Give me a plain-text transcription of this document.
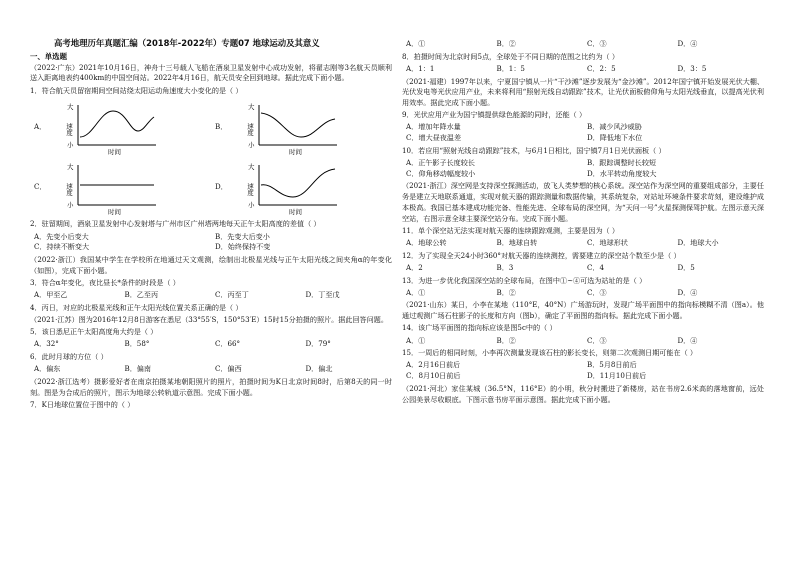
高考地理历年真题汇编（2018年-2022年）专题07 地球运动及其意义
一、单选题

（2022·广东）2021年10月16日，神舟十三号载人飞船在酒泉卫星发射中心成功发射，将翟志刚等3名航天员顺利送入距离地表约400km的中国空间站。2022年4月16日，航天员安全回到地球。据此完成下面小题。

1．符合航天员留宿期间空间站绕太阳运动角速度大小变化的是（ ）

A．
大
小
速度
时间
B．
大
小
速度
时间
C．
大
小
速度
时间
D．
大
小
速度
时间

2．驻留期间，酒泉卫星发射中心发射塔与广州市区广州塔两地每天正午太阳高度的差值（ ）

A．先变小后变大	B．先变大后变小
C．持续不断变大	D．始终保持不变

（2022·浙江）我国某中学生在学校所在地通过天文观测，绘制出北极星光线与正午太阳光线之间夹角α的年变化（如图），完成下面小题。

3．符合α年变化，夜比昼长*条件的时段是（ ）

A．甲至乙	B．乙至丙	C．丙至丁	D．丁至戊

4．丙日，对应的北极星光线和正午太阳光线位置关系正确的是（ ）

（2021·江苏）图为2016年12月8日游客在悉尼（33°55′S，150°53′E）15时15分拍摄的照片。据此回答问题。

5．该日悉尼正午太阳高度角大约是（ ）

A．32°	B．58°	C．66°	D．79°

6．此时月球的方位（ ）

A．偏东	B．偏南	C．偏西	D．偏北

（2022·浙江选考）摄影爱好者在南京拍摄某地朝阳照片的照片，拍摄时间为K日北京时间8时，后第8天的同一时刻。图是为合成后的照片，图示为地球公转轨道示意图。完成下面小题。

7．K日地球位置位于图中的（ ）

A．①	B．②	C．③	D．④

8．拍摄时间为北京时间5点，全球处于不同日期的范围之比约为（ ）

A．1：1	B．1：5	C．2：5	D．3：5

（2021·福建）1997年以来，宁夏国宁镇从一片“干沙滩”逐步发展为“金沙滩”。2012年国宁镇开始发展光伏大棚、光伏发电等光伏应用产业，未来将利用“照射光线自动跟踪”技术，让光伏面板俯仰角与太阳光线垂直，以提高光伏利用效率。据此完成下面小题。

9．光伏应用产业为国宁镇提供绿色能源的同时，还能（ ）

A．增加年降水量	B．减少风沙威胁
C．增大昼夜温差	D．降低地下水位

10．若应用“照射光线自动跟踪”技术，与6月1日相比，国宁镇7月1日光伏面板（ ）

A．正午影子长度较长	B．跟踪调整时长较短
C．仰角移动幅度较小	D．水平转动角度较大

（2021·浙江）深空网是支持深空探测活动，放飞人类梦想的核心系统。深空站作为深空网的重要组成部分，主要任务是建立天地联系通道，实现对航天器的跟踪测量和数据传输，其系统复杂，对站址环境条件要求苛刻，建设维护成本极高。我国已基本建成功能完备、性能先进、全球布局的深空网，为“天问一号”火星探测保驾护航。左图示意天深空站，右图示意全球主要深空站分布。完成下面小题。

11．单个深空站无法实现对航天器的连续跟踪观测，主要是因为（ ）

A．地球公转	B．地球自转	C．地球形状	D．地球大小

12．为了实现全天24小时360°对航天器的连续测控，需要建立的深空站个数至少是（ ）

A．2	B．3	C．4	D．5

13．为进一步优化我国深空站的全球布局，在图中①~④可选为站址的是（ ）

A．①	B．②	C．③	D．④

（2021·山东）某日，小李在某地（110°E，40°N）广场游玩时，发现广场平面图中的指向标模糊不清（图a）。他通过观测广场石柱影子的长度和方向（图b），确定了平面图的指向标。据此完成下面小题。

14．该广场平面图的指向标应该是图5c中的（ ）

A．①	B．②	C．③	D．④

15．一周后的相同时刻，小李再次测量发现该石柱的影长变长，则第二次观测日期可能在（ ）

A．2月16日前后	B．5月8日前后
C．8月10日前后	D．11月10日前后

（2021·河北）家住某城（36.5°N，116°E）的小明，秋分时搬进了新楼房，站在书房2.6米高的落地窗前，远处公园美景尽收眼底。下图示意书房平面示意图。据此完成下面小题。
